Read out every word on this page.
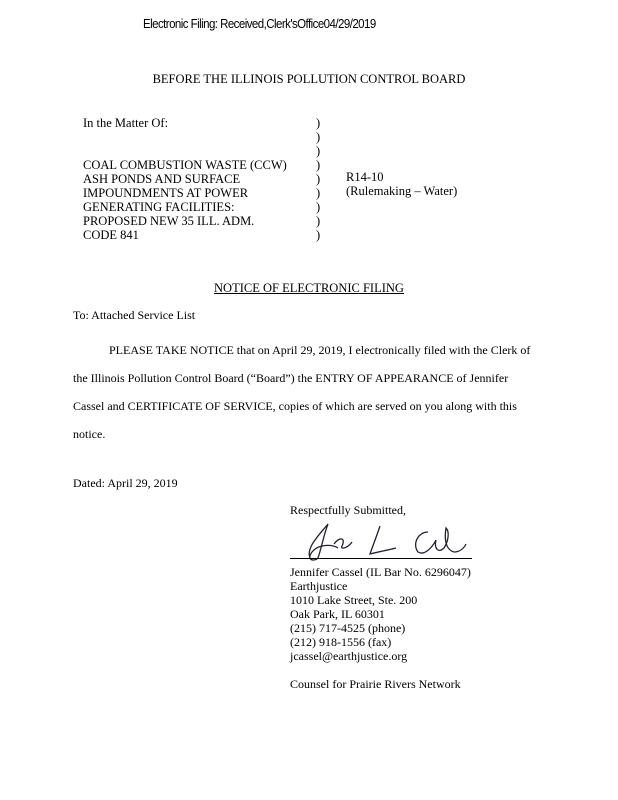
Electronic Filing: Received,Clerk'sOffice04/29/2019
BEFORE THE ILLINOIS POLLUTION CONTROL BOARD
In the Matter Of:
COAL COMBUSTION WASTE (CCW)
ASH PONDS AND SURFACE
IMPOUNDMENTS AT POWER
GENERATING FACILITIES:
PROPOSED NEW 35 ILL. ADM.
CODE 841
)
)
)
)
)
)
)
)
)
R14-10
(Rulemaking – Water)
NOTICE OF ELECTRONIC FILING
To: Attached Service List
PLEASE TAKE NOTICE that on April 29, 2019, I electronically filed with the Clerk of
the Illinois Pollution Control Board (“Board”) the ENTRY OF APPEARANCE of Jennifer
Cassel and CERTIFICATE OF SERVICE, copies of which are served on you along with this
notice.
Dated: April 29, 2019
Respectfully Submitted,
Jennifer Cassel (IL Bar No. 6296047)
Earthjustice
1010 Lake Street, Ste. 200
Oak Park, IL 60301
(215) 717-4525 (phone)
(212) 918-1556 (fax)
jcassel@earthjustice.org
Counsel for Prairie Rivers Network
